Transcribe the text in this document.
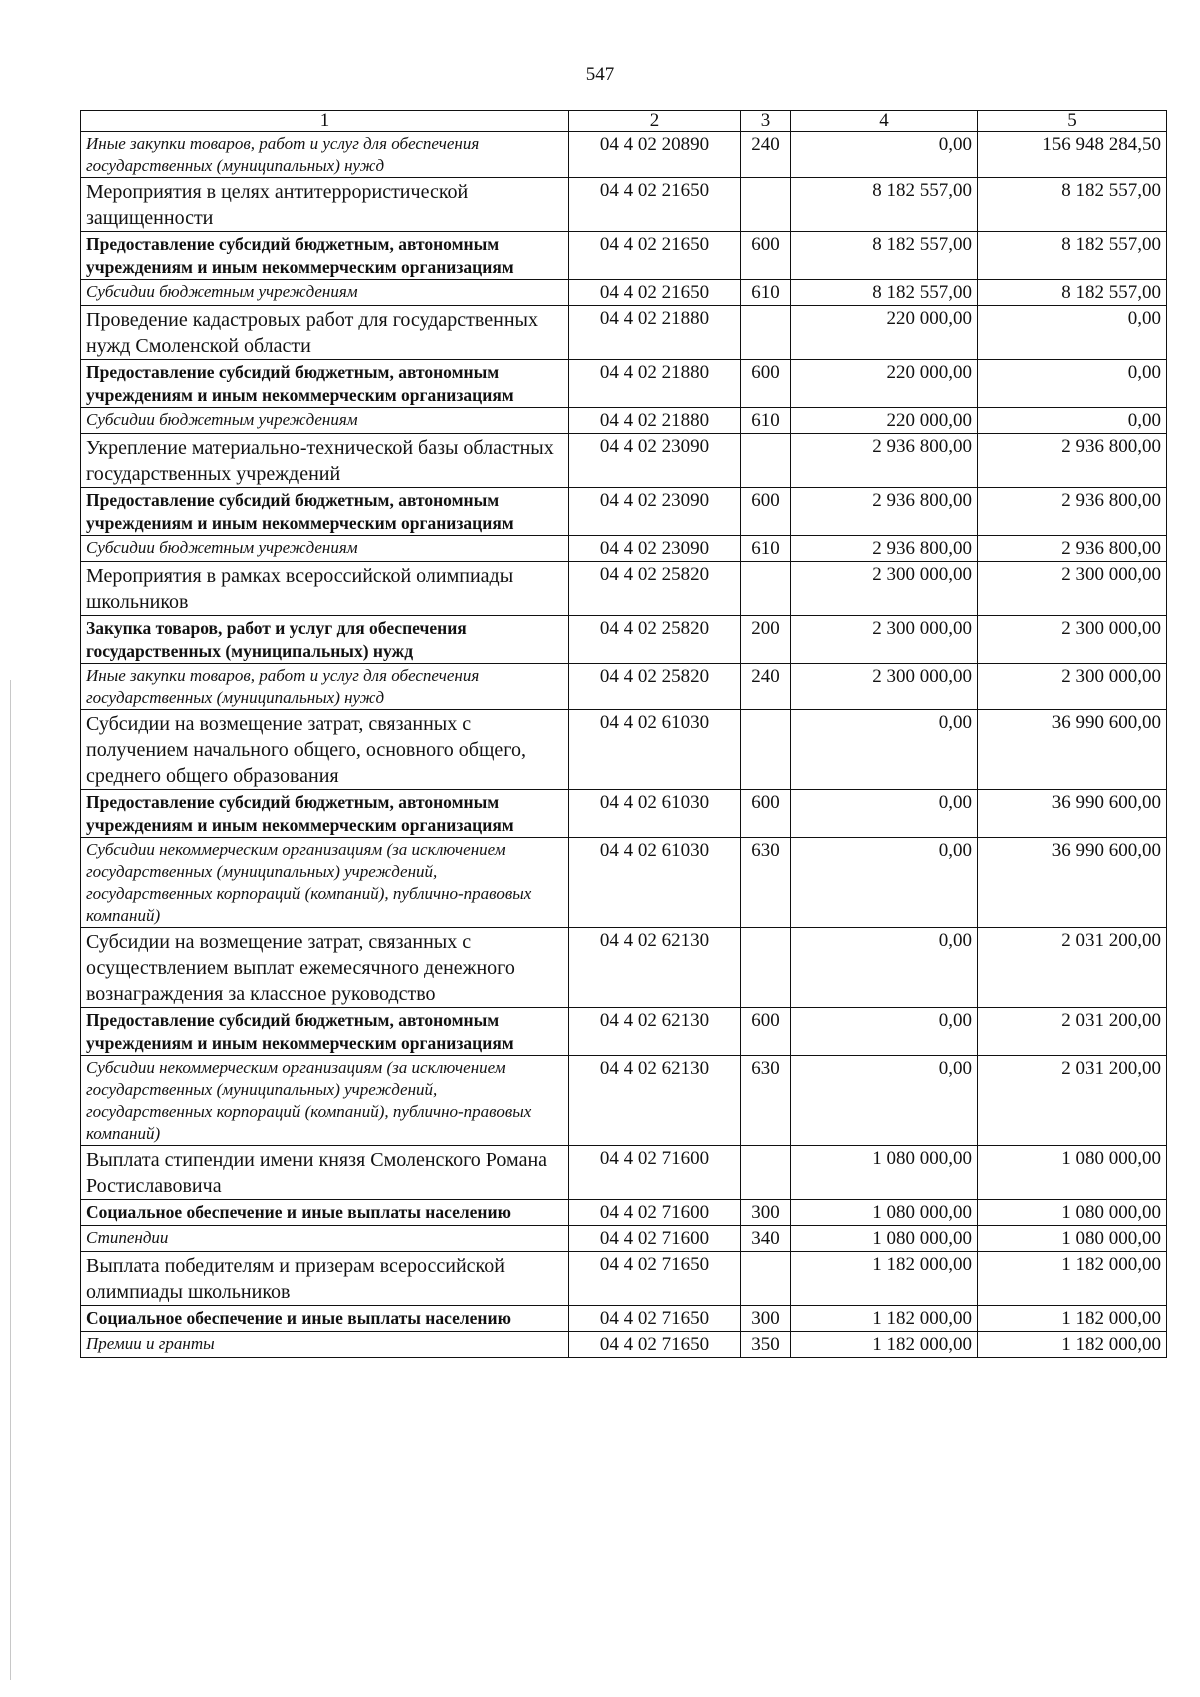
547
1	2	3	4	5
Иные закупки товаров, работ и услуг для обеспечения государственных (муниципальных) нужд	04 4 02 20890	240	0,00	156 948 284,50
Мероприятия в целях антитеррористической защищенности	04 4 02 21650		8 182 557,00	8 182 557,00
Предоставление субсидий бюджетным, автономным учреждениям и иным некоммерческим организациям	04 4 02 21650	600	8 182 557,00	8 182 557,00
Субсидии бюджетным учреждениям	04 4 02 21650	610	8 182 557,00	8 182 557,00
Проведение кадастровых работ для государственных нужд Смоленской области	04 4 02 21880		220 000,00	0,00
Предоставление субсидий бюджетным, автономным учреждениям и иным некоммерческим организациям	04 4 02 21880	600	220 000,00	0,00
Субсидии бюджетным учреждениям	04 4 02 21880	610	220 000,00	0,00
Укрепление материально-технической базы областных государственных учреждений	04 4 02 23090		2 936 800,00	2 936 800,00
Предоставление субсидий бюджетным, автономным учреждениям и иным некоммерческим организациям	04 4 02 23090	600	2 936 800,00	2 936 800,00
Субсидии бюджетным учреждениям	04 4 02 23090	610	2 936 800,00	2 936 800,00
Мероприятия в рамках всероссийской олимпиады школьников	04 4 02 25820		2 300 000,00	2 300 000,00
Закупка товаров, работ и услуг для обеспечения государственных (муниципальных) нужд	04 4 02 25820	200	2 300 000,00	2 300 000,00
Иные закупки товаров, работ и услуг для обеспечения государственных (муниципальных) нужд	04 4 02 25820	240	2 300 000,00	2 300 000,00
Субсидии на возмещение затрат, связанных с получением начального общего, основного общего, среднего общего образования	04 4 02 61030		0,00	36 990 600,00
Предоставление субсидий бюджетным, автономным учреждениям и иным некоммерческим организациям	04 4 02 61030	600	0,00	36 990 600,00
Субсидии некоммерческим организациям (за исключением государственных (муниципальных) учреждений, государственных корпораций (компаний), публично-правовых компаний)	04 4 02 61030	630	0,00	36 990 600,00
Субсидии на возмещение затрат, связанных с осуществлением выплат ежемесячного денежного вознаграждения за классное руководство	04 4 02 62130		0,00	2 031 200,00
Предоставление субсидий бюджетным, автономным учреждениям и иным некоммерческим организациям	04 4 02 62130	600	0,00	2 031 200,00
Субсидии некоммерческим организациям (за исключением государственных (муниципальных) учреждений, государственных корпораций (компаний), публично-правовых компаний)	04 4 02 62130	630	0,00	2 031 200,00
Выплата стипендии имени князя Смоленского Романа Ростиславовича	04 4 02 71600		1 080 000,00	1 080 000,00
Социальное обеспечение и иные выплаты населению	04 4 02 71600	300	1 080 000,00	1 080 000,00
Стипендии	04 4 02 71600	340	1 080 000,00	1 080 000,00
Выплата победителям и призерам всероссийской олимпиады школьников	04 4 02 71650		1 182 000,00	1 182 000,00
Социальное обеспечение и иные выплаты населению	04 4 02 71650	300	1 182 000,00	1 182 000,00
Премии и гранты	04 4 02 71650	350	1 182 000,00	1 182 000,00
